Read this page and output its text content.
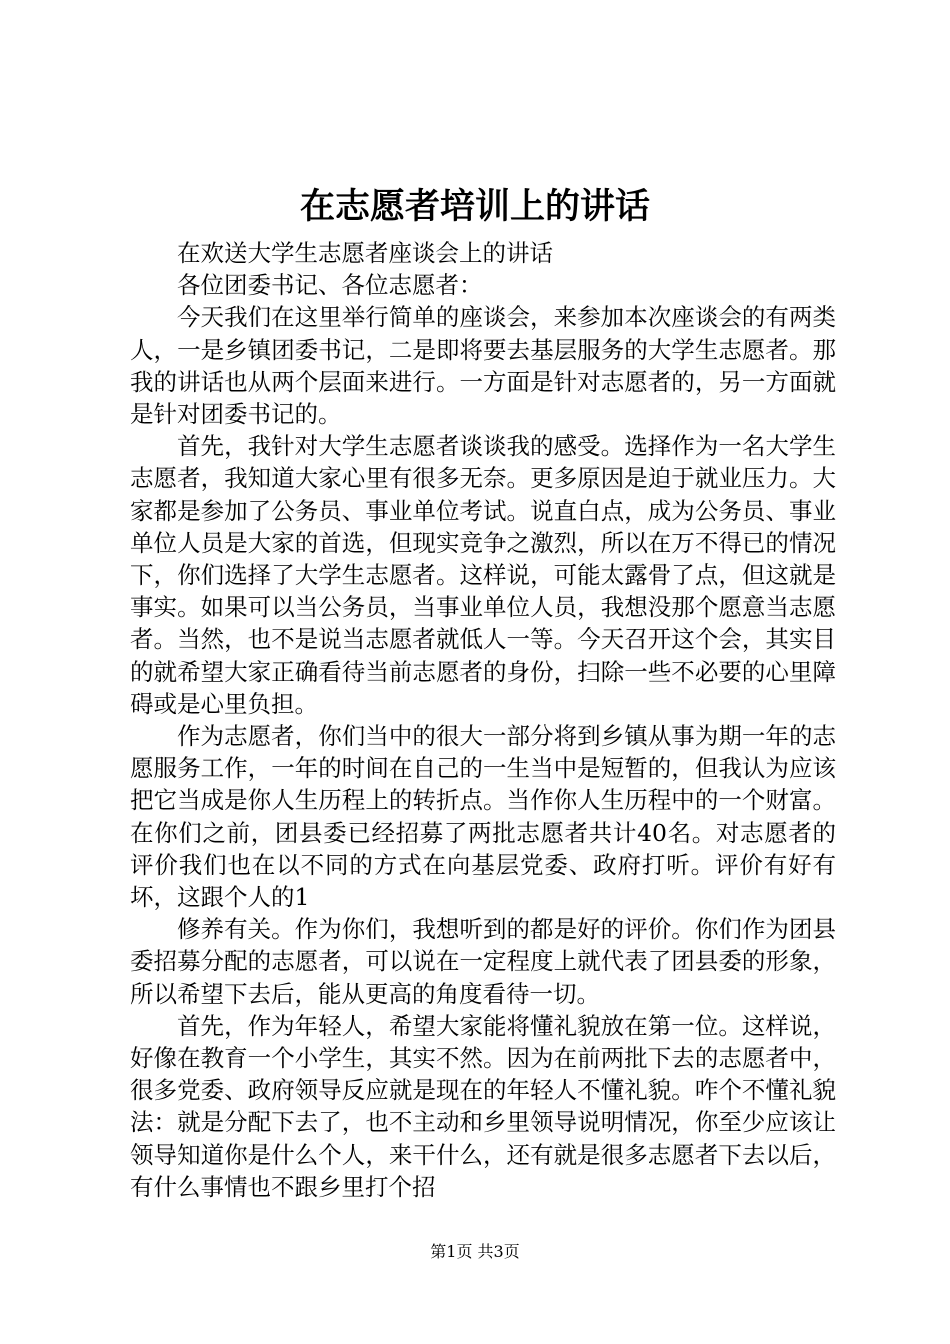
在志愿者培训上的讲话

在欢送大学生志愿者座谈会上的讲话

各位团委书记、各位志愿者：

今天我们在这里举行简单的座谈会，来参加本次座谈会的有两类人，一是乡镇团委书记，二是即将要去基层服务的大学生志愿者。那我的讲话也从两个层面来进行。一方面是针对志愿者的，另一方面就是针对团委书记的。

首先，我针对大学生志愿者谈谈我的感受。选择作为一名大学生志愿者，我知道大家心里有很多无奈。更多原因是迫于就业压力。大家都是参加了公务员、事业单位考试。说直白点，成为公务员、事业单位人员是大家的首选，但现实竞争之激烈，所以在万不得已的情况下，你们选择了大学生志愿者。这样说，可能太露骨了点，但这就是事实。如果可以当公务员，当事业单位人员，我想没那个愿意当志愿者。当然，也不是说当志愿者就低人一等。今天召开这个会，其实目的就希望大家正确看待当前志愿者的身份，扫除一些不必要的心里障碍或是心里负担。

作为志愿者，你们当中的很大一部分将到乡镇从事为期一年的志愿服务工作，一年的时间在自己的一生当中是短暂的，但我认为应该把它当成是你人生历程上的转折点。当作你人生历程中的一个财富。在你们之前，团县委已经招募了两批志愿者共计40名。对志愿者的评价我们也在以不同的方式在向基层党委、政府打听。评价有好有坏，这跟个人的1

修养有关。作为你们，我想听到的都是好的评价。你们作为团县委招募分配的志愿者，可以说在一定程度上就代表了团县委的形象，所以希望下去后，能从更高的角度看待一切。

首先，作为年轻人，希望大家能将懂礼貌放在第一位。这样说，好像在教育一个小学生，其实不然。因为在前两批下去的志愿者中，很多党委、政府领导反应就是现在的年轻人不懂礼貌。咋个不懂礼貌法：就是分配下去了，也不主动和乡里领导说明情况，你至少应该让领导知道你是什么个人，来干什么，还有就是很多志愿者下去以后，有什么事情也不跟乡里打个招

第1页 共3页
